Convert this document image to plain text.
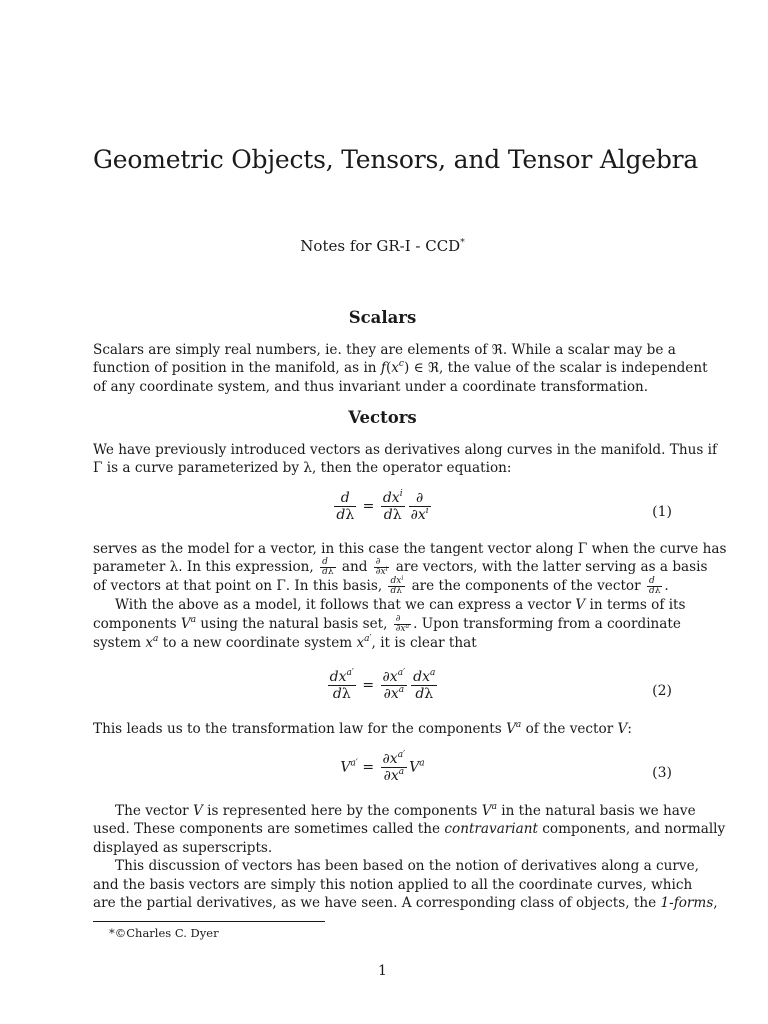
Geometric Objects, Tensors, and Tensor Algebra
Notes for GR-I - CCD*
Scalars
Scalars are simply real numbers, ie. they are elements of ℜ. While a scalar may be a
function of position in the manifold, as in $f(x^c)$ ∈ ℜ, the value of the scalar is independent
of any coordinate system, and thus invariant under a coordinate transformation.
Vectors
We have previously introduced vectors as derivatives along curves in the manifold. Thus if
Γ is a curve parameterized by λ, then the operator equation:
$\frac{d}{d\lambda} = \frac{dx^i}{d\lambda} \frac{\partial}{\partial x^i}$	(1)
serves as the model for a vector, in this case the tangent vector along Γ when the curve has
parameter λ. In this expression, $\frac{d}{d\lambda}$ and $\frac{\partial}{\partial x^i}$ are vectors, with the latter serving as a basis
of vectors at that point on Γ. In this basis, $\frac{dx^i}{d\lambda}$ are the components of the vector $\frac{d}{d\lambda}$ .
With the above as a model, it follows that we can express a vector V in terms of its
components $V^a$ using the natural basis set, $\frac{\partial}{\partial x^a}$ . Upon transforming from a coordinate
system $x^a$ to a new coordinate system $x^{a'}$, it is clear that
$\frac{dx^{a'}}{d\lambda} = \frac{\partial x^{a'}}{\partial x^a} \frac{dx^a}{d\lambda}$	(2)
This leads us to the transformation law for the components $V^a$ of the vector V:
$V^{a'} = \frac{\partial x^{a'}}{\partial x^a} V^a$
(3)
The vector V is represented here by the components $V^a$ in the natural basis we have
used. These components are sometimes called the contravariant components, and normally
displayed as superscripts.
This discussion of vectors has been based on the notion of derivatives along a curve,
and the basis vectors are simply this notion applied to all the coordinate curves, which
are the partial derivatives, as we have seen. A corresponding class of objects, the 1-forms,
*©Charles C. Dyer
1
